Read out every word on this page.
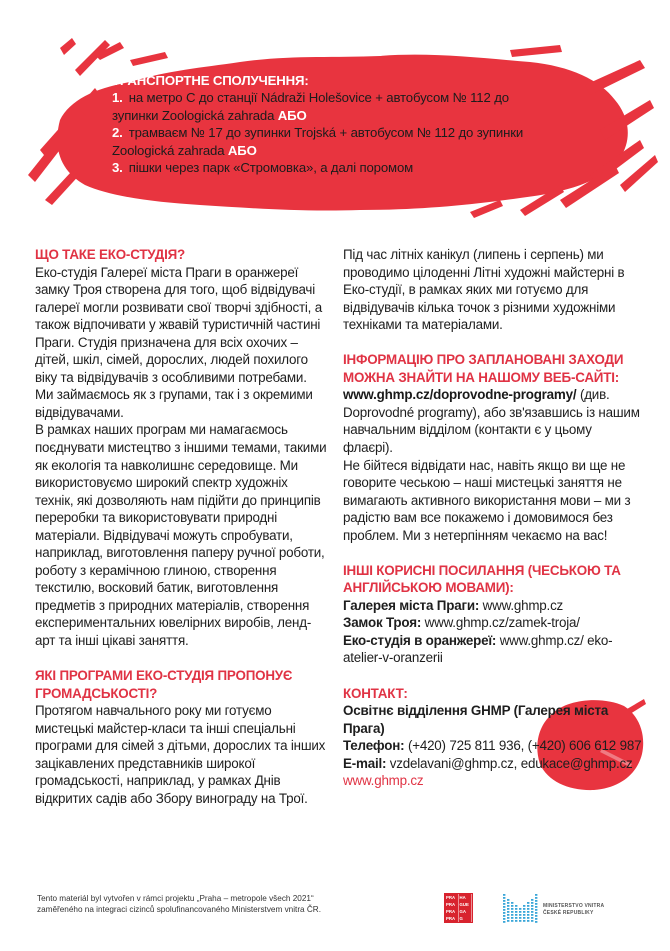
ТРАНСПОРТНЕ СПОЛУЧЕННЯ:
1. на метро С до станції Nádraži Holešovice + автобусом № 112 до зупинки Zoologická zahrada АБО
2. трамваєм № 17 до зупинки Trojská + автобусом № 112 до зупинки Zoologická zahrada АБО
3. пішки через парк «Стромовка», а далі поромом
ЩО ТАКЕ ЕКО-СТУДІЯ?

Еко-студія Галереї міста Праги в оранжереї замку Троя створена для того, щоб відвідувачі галереї могли розвивати свої творчі здібності, а також відпочивати у жвавій туристичній частині Праги. Студія призначена для всіх охочих – дітей, шкіл, сімей, дорослих, людей похилого віку та відвідувачів з особливими потребами. Ми займаємось як з групами, так і з окремими відвідувачами.

В рамках наших програм ми намагаємось поєднувати мистецтво з іншими темами, такими як екологія та навколишнє середовище. Ми використовуємо широкий спектр художніх технік, які дозволяють нам підійти до принципів переробки та використовувати природні матеріали. Відвідувачі можуть спробувати, наприклад, виготовлення паперу ручної роботи, роботу з керамічною глиною, створення текстилю, восковий батик, виготовлення предметів з природних матеріалів, створення експериментальних ювелірних виробів, ленд-арт та інші цікаві заняття.

ЯКІ ПРОГРАМИ ЕКО-СТУДІЯ ПРОПОНУЄ ГРОМАДСЬКОСТІ?

Протягом навчального року ми готуємо мистецькі майстер-класи та інші спеціальні програми для сімей з дітьми, дорослих та інших зацікавлених представників широкої громадськості, наприклад, у рамках Днів відкритих садів або Збору винограду на Трої.

Під час літніх канікул (липень і серпень) ми проводимо цілоденні Літні художні майстерні в Еко-студії, в рамках яких ми готуємо для відвідувачів кілька точок з різними художніми техніками та матеріалами.

ІНФОРМАЦІЮ ПРО ЗАПЛАНОВАНІ ЗАХОДИ МОЖНА ЗНАЙТИ НА НАШОМУ ВЕБ-САЙТІ:

www.ghmp.cz/doprovodne-programy/ (див. Doprovodné programy), або зв'язавшись із нашим навчальним відділом (контакти є у цьому флаєрі).

Не бійтеся відвідати нас, навіть якщо ви ще не говорите чеською – наші мистецькі заняття не вимагають активного використання мови – ми з радістю вам все покажемо і домовимося без проблем. Ми з нетерпінням чекаємо на вас!

ІНШІ КОРИСНІ ПОСИЛАННЯ (ЧЕСЬКОЮ ТА АНГЛІЙСЬКОЮ МОВАМИ):
Галерея міста Праги: www.ghmp.cz
Замок Троя: www.ghmp.cz/zamek-troja/
Еко-студія в оранжереї: www.ghmp.cz/ eko-atelier-v-oranzerii
КОНТАКТ:
Освітнє відділення GHMP (Галерея міста Прага)
Телефон: (+420) 725 811 936, (+420) 606 612 987
E-mail: vzdelavani@ghmp.cz, edukace@ghmp.cz
www.ghmp.cz
Tento materiál byl vytvořen v rámci projektu „Praha – metropole všech 2021“ zaměřeného na integraci cizinců spolufinancovaného Ministerstvem vnitra ČR.
PRA	HA
PRA	GUE
PRA	GA
PRA	G
MINISTERSTVO VNITRA
ČESKÉ REPUBLIKY
